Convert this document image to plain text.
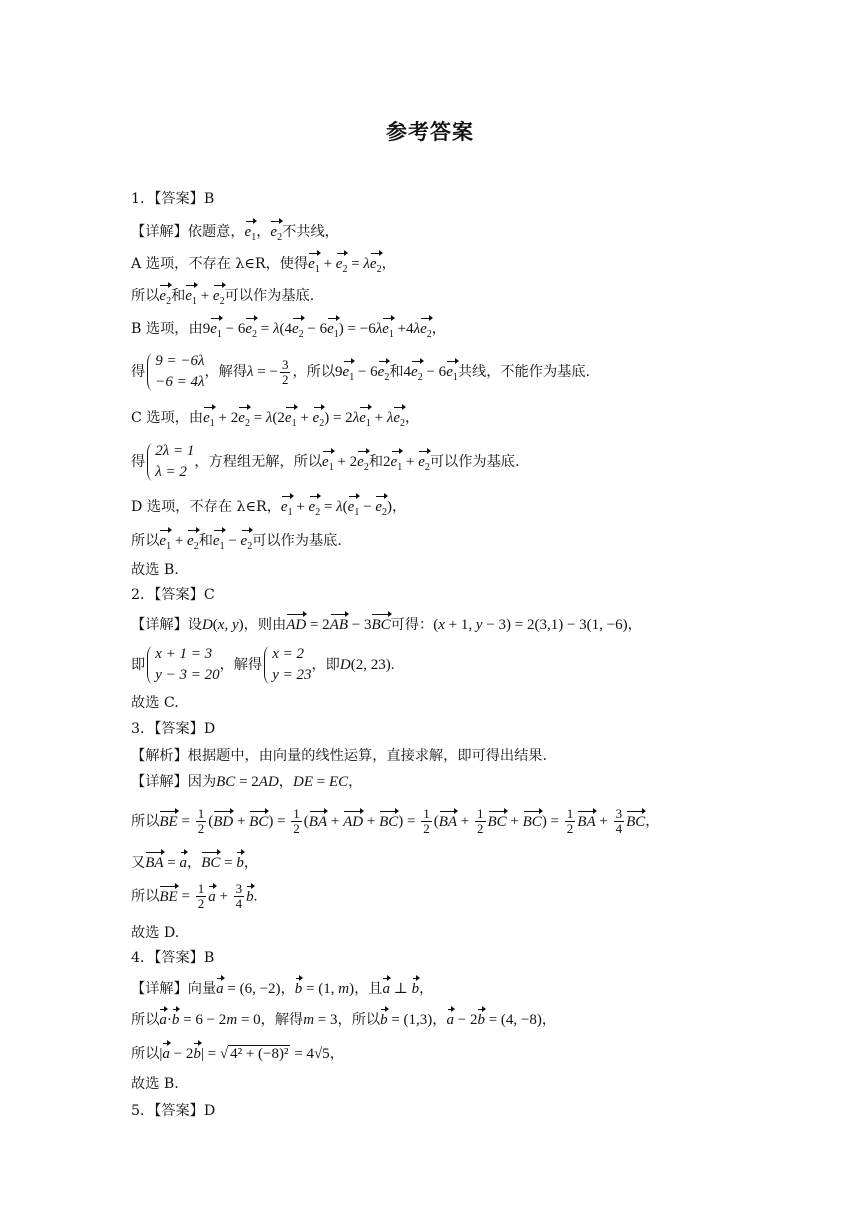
参考答案
1．【答案】B
【详解】依题意，$e_1$，$e_2$不共线，
A 选项，不存在 λ∈R，使得$e_1 + e_2 = \lambda e_2$，
所以$e_2$和$e_1 + e_2$可以作为基底.
B 选项，由$9e_1 - 6e_2 = \lambda(4e_2 - 6e_1) = -6\lambda e_1 +4\lambda e_2$，
得
9 = −6λ
−6 = 4λ
，解得λ = − $\frac{3}{2}$ ，所以$9e_1 - 6e_2$和$4e_2 - 6e_1$共线，不能作为基底.
C 选项，由$e_1 + 2e_2 = \lambda(2e_1 + e_2) = 2\lambda e_1 + \lambda e_2$，
得
2λ = 1
λ = 2
，方程组无解，所以$e_1 + 2e_2$和$2e_1 + e_2$可以作为基底.
D 选项，不存在 λ∈R，$e_1 + e_2 = \lambda(e_1 - e_2)$，
所以$e_1 + e_2$和$e_1 - e_2$可以作为基底.
故选 B.
2．【答案】C
【详解】设D(x, y)，则由AD = 2AB − 3BC可得：(x + 1, y − 3) = 2(3,1) − 3(1, −6)，
即
x + 1 = 3
y − 3 = 20
，解得
x = 2
y = 23
，即D(2, 23).
故选 C.
3．【答案】D
【解析】根据题中，由向量的线性运算，直接求解，即可得出结果.
【详解】因为BC = 2AD，DE = EC，
所以BE = $\frac{1}{2} (BD + BC) = \frac{1}{2} (BA$ + AD + $BC) = \frac{1}{2} (BA + \frac{1}{2}$ BC + $BC) = \frac{1}{2}$ BA + $\frac{3}{4}$ BC，
又BA = a，BC = b，
所以BE = $\frac{1}{2}$ $a + \frac{3}{4} b$.
故选 D.
4．【答案】B
【详解】向量a = (6, −2)，b = (1, m)，且a ⊥ b，
所以a·b = 6 − 2m = 0，解得m = 3，所以b = (1,3)，a − 2b = (4, −8)，
所以|a − 2b| = √ 4² + (−8)² = 4√5，
故选 B.
5．【答案】D
